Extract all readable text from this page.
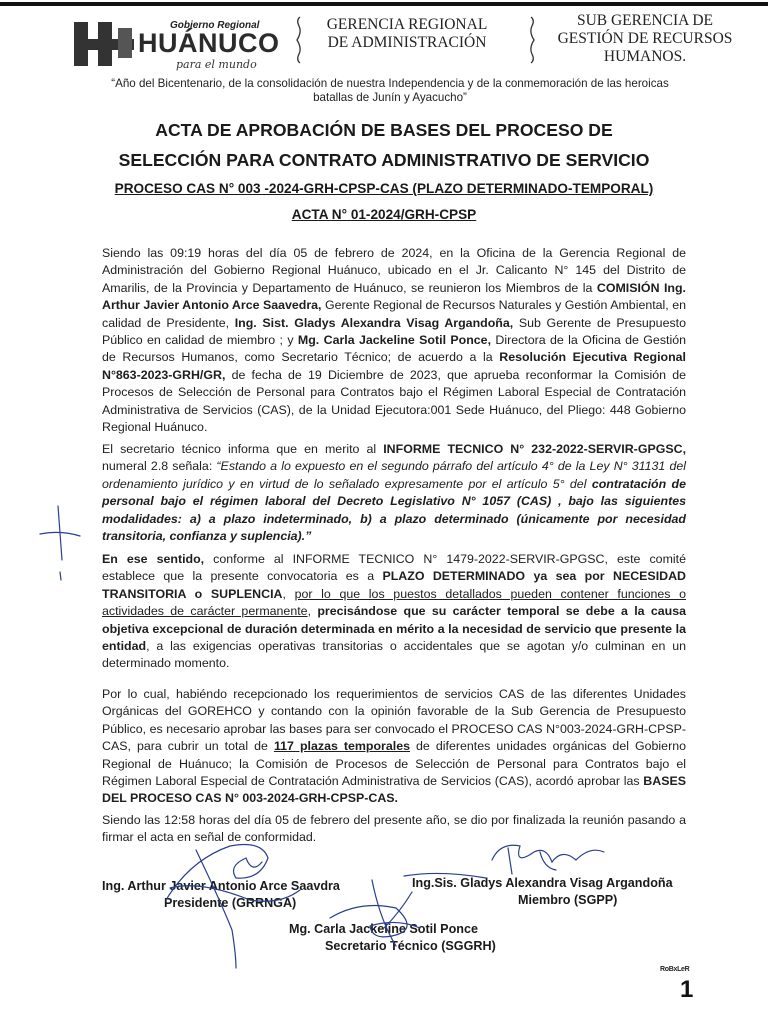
Gobierno Regional
HUÁNUCO
para el mundo
GERENCIA REGIONAL
DE ADMINISTRACIÓN
SUB GERENCIA DE
GESTIÓN DE RECURSOS
HUMANOS.
“Año del Bicentenario, de la consolidación de nuestra Independencia y de la conmemoración de las heroicas
batallas de Junín y Ayacucho”
ACTA DE APROBACIÓN DE BASES DEL PROCESO DE
SELECCIÓN PARA CONTRATO ADMINISTRATIVO DE SERVICIO
PROCESO CAS N° 003 -2024-GRH-CPSP-CAS (PLAZO DETERMINADO-TEMPORAL)
ACTA N° 01-2024/GRH-CPSP

Siendo las 09:19 horas del día 05 de febrero de 2024, en la Oficina de la Gerencia Regional de Administración del Gobierno Regional Huánuco, ubicado en el Jr. Calicanto N° 145 del Distrito de Amarilis, de la Provincia y Departamento de Huánuco, se reunieron los Miembros de la COMISIÓN Ing. Arthur Javier Antonio Arce Saavedra, Gerente Regional de Recursos Naturales y Gestión Ambiental, en calidad de Presidente, Ing. Sist. Gladys Alexandra Visag Argandoña, Sub Gerente de Presupuesto Público en calidad de miembro ; y Mg. Carla Jackeline Sotil Ponce, Directora de la Oficina de Gestión de Recursos Humanos, como Secretario Técnico; de acuerdo a la Resolución Ejecutiva Regional N°863-2023-GRH/GR, de fecha de 19 Diciembre de 2023, que aprueba reconformar la Comisión de Procesos de Selección de Personal para Contratos bajo el Régimen Laboral Especial de Contratación Administrativa de Servicios (CAS), de la Unidad Ejecutora:001 Sede Huánuco, del Pliego: 448 Gobierno Regional Huánuco.

El secretario técnico informa que en merito al INFORME TECNICO N° 232-2022-SERVIR-GPGSC, numeral 2.8 señala: “Estando a lo expuesto en el segundo párrafo del artículo 4° de la Ley N° 31131 del ordenamiento jurídico y en virtud de lo señalado expresamente por el artículo 5° del contratación de personal bajo el régimen laboral del Decreto Legislativo N° 1057 (CAS) , bajo las siguientes modalidades: a) a plazo indeterminado, b) a plazo determinado (únicamente por necesidad transitoria, confianza y suplencia).”

En ese sentido, conforme al INFORME TECNICO N° 1479-2022-SERVIR-GPGSC, este comité establece que la presente convocatoria es a PLAZO DETERMINADO ya sea por NECESIDAD TRANSITORIA o SUPLENCIA, por lo que los puestos detallados pueden contener funciones o actividades de carácter permanente, precisándose que su carácter temporal se debe a la causa objetiva excepcional de duración determinada en mérito a la necesidad de servicio que presente la entidad, a las exigencias operativas transitorias o accidentales que se agotan y/o culminan en un determinado momento.

Por lo cual, habiéndo recepcionado los requerimientos de servicios CAS de las diferentes Unidades Orgánicas del GOREHCO y contando con la opinión favorable de la Sub Gerencia de Presupuesto Público, es necesario aprobar las bases para ser convocado el PROCESO CAS N°003-2024-GRH-CPSP-CAS, para cubrir un total de 117 plazas temporales de diferentes unidades orgánicas del Gobierno Regional de Huánuco; la Comisión de Procesos de Selección de Personal para Contratos bajo el Régimen Laboral Especial de Contratación Administrativa de Servicios (CAS), acordó aprobar las BASES DEL PROCESO CAS N° 003-2024-GRH-CPSP-CAS.

Siendo las 12:58 horas del día 05 de febrero del presente año, se dio por finalizada la reunión pasando a firmar el acta en señal de conformidad.
Ing. Arthur Javier Antonio Arce Saavdra
Presidente (GRRNGA)
Ing.Sis. Gladys Alexandra Visag Argandoña
Miembro (SGPP)
Mg. Carla Jackeline Sotil Ponce
Secretario Técnico (SGGRH)
RoBxLeR
1
